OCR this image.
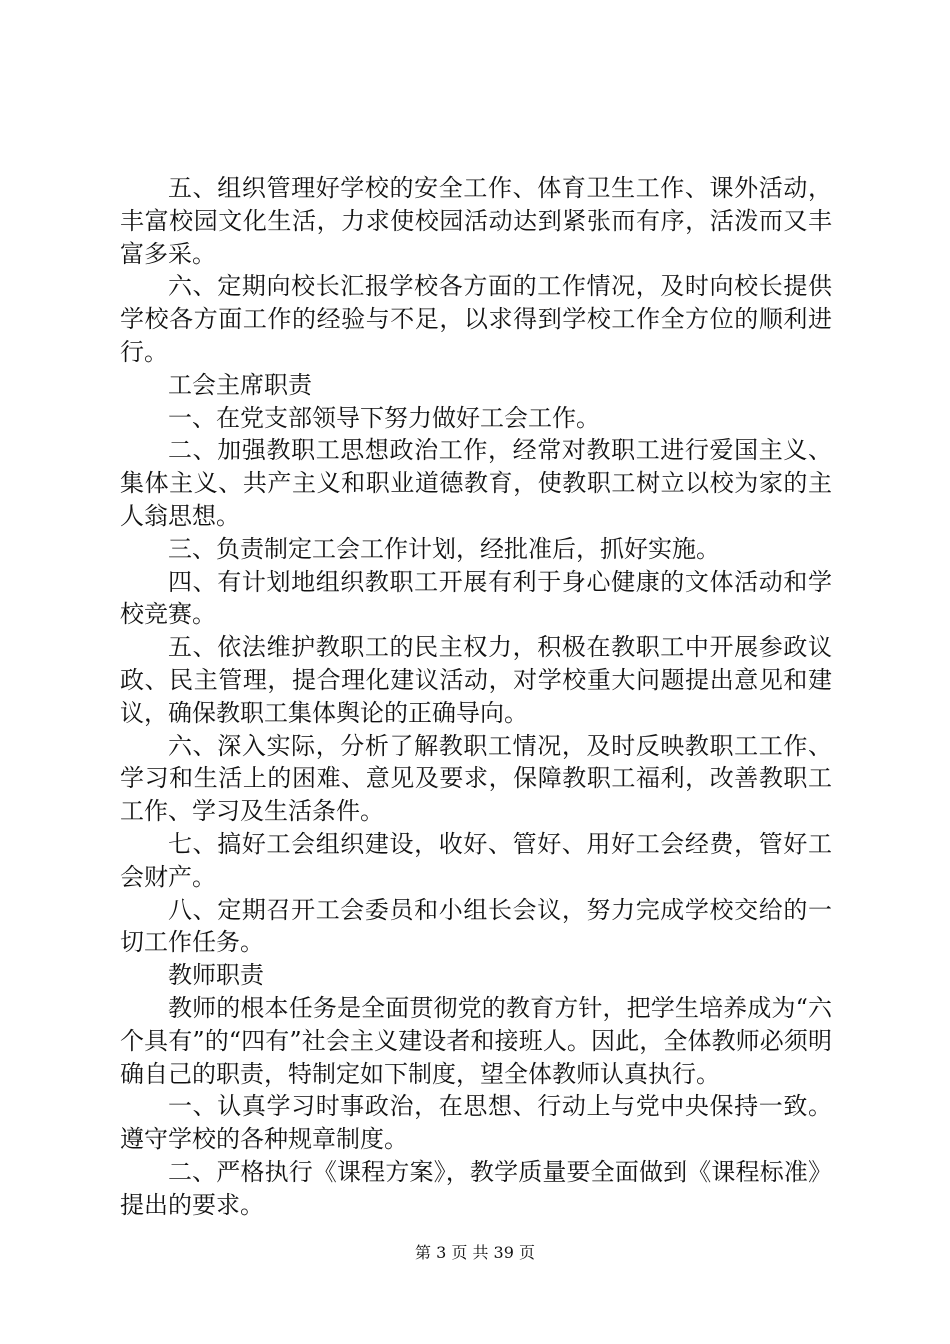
五、组织管理好学校的安全工作、体育卫生工作、课外活动，丰富校园文化生活，力求使校园活动达到紧张而有序，活泼而又丰富多采。

六、定期向校长汇报学校各方面的工作情况，及时向校长提供学校各方面工作的经验与不足，以求得到学校工作全方位的顺利进行。

工会主席职责

一、在党支部领导下努力做好工会工作。

二、加强教职工思想政治工作，经常对教职工进行爱国主义、集体主义、共产主义和职业道德教育，使教职工树立以校为家的主人翁思想。

三、负责制定工会工作计划，经批准后，抓好实施。

四、有计划地组织教职工开展有利于身心健康的文体活动和学校竞赛。

五、依法维护教职工的民主权力，积极在教职工中开展参政议政、民主管理，提合理化建议活动，对学校重大问题提出意见和建议，确保教职工集体舆论的正确导向。

六、深入实际，分析了解教职工情况，及时反映教职工工作、学习和生活上的困难、意见及要求，保障教职工福利，改善教职工工作、学习及生活条件。

七、搞好工会组织建设，收好、管好、用好工会经费，管好工会财产。

八、定期召开工会委员和小组长会议，努力完成学校交给的一切工作任务。

教师职责

教师的根本任务是全面贯彻党的教育方针，把学生培养成为“六个具有”的“四有”社会主义建设者和接班人。因此，全体教师必须明确自己的职责，特制定如下制度，望全体教师认真执行。

一、认真学习时事政治，在思想、行动上与党中央保持一致。遵守学校的各种规章制度。

二、严格执行《课程方案》，教学质量要全面做到《课程标准》提出的要求。

第 3 页 共 39 页
